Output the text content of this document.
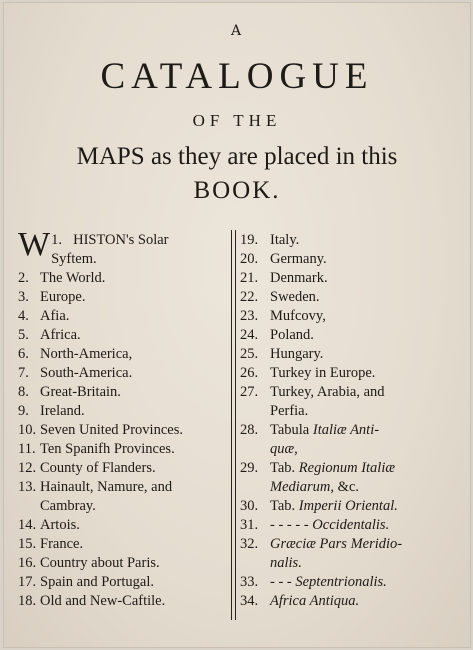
A
CATALOGUE
OF THE
MAPS as they are placed in this
BOOK.
1.
W HISTON's Solar
Syftem.
2. The World.
3. Europe.
4. Afia.
5. Africa.
6. North-America,
7. South-America.
8. Great-Britain.
9. Ireland.
10. Seven United Provinces.
11. Ten Spanifh Provinces.
12. County of Flanders.
13. Hainault, Namure, and
Cambray.
14. Artois.
15. France.
16. Country about Paris.
17. Spain and Portugal.
18. Old and New-Caftile.
19. Italy.
20. Germany.
21. Denmark.
22. Sweden.
23. Mufcovy,
24. Poland.
25. Hungary.
26. Turkey in Europe.
27. Turkey, Arabia, and
Perfia.
28. Tabula Italiæ Anti-
quæ,
29. Tab. Regionum Italiæ
Mediarum, &c.
30. Tab. Imperii Oriental.
31. - - - - - Occidentalis.
32. Græciæ Pars Meridio-
nalis.
33. - - - Septentrionalis.
34. Africa Antiqua.
